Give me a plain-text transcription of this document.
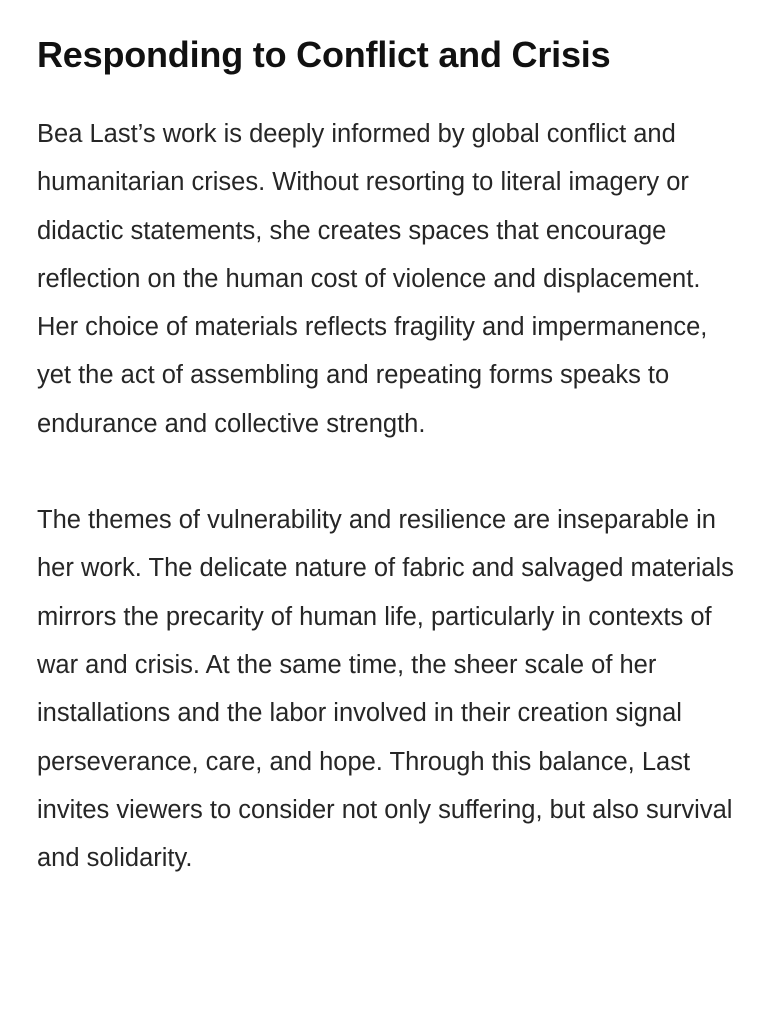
Responding to Conflict and Crisis

Bea Last’s work is deeply informed by global conflict and humanitarian crises. Without resorting to literal imagery or didactic statements, she creates spaces that encourage reflection on the human cost of violence and displacement. Her choice of materials reflects fragility and impermanence, yet the act of assembling and repeating forms speaks to endurance and collective strength.

The themes of vulnerability and resilience are inseparable in her work. The delicate nature of fabric and salvaged materials mirrors the precarity of human life, particularly in contexts of war and crisis. At the same time, the sheer scale of her installations and the labor involved in their creation signal perseverance, care, and hope. Through this balance, Last invites viewers to consider not only suffering, but also survival and solidarity.
